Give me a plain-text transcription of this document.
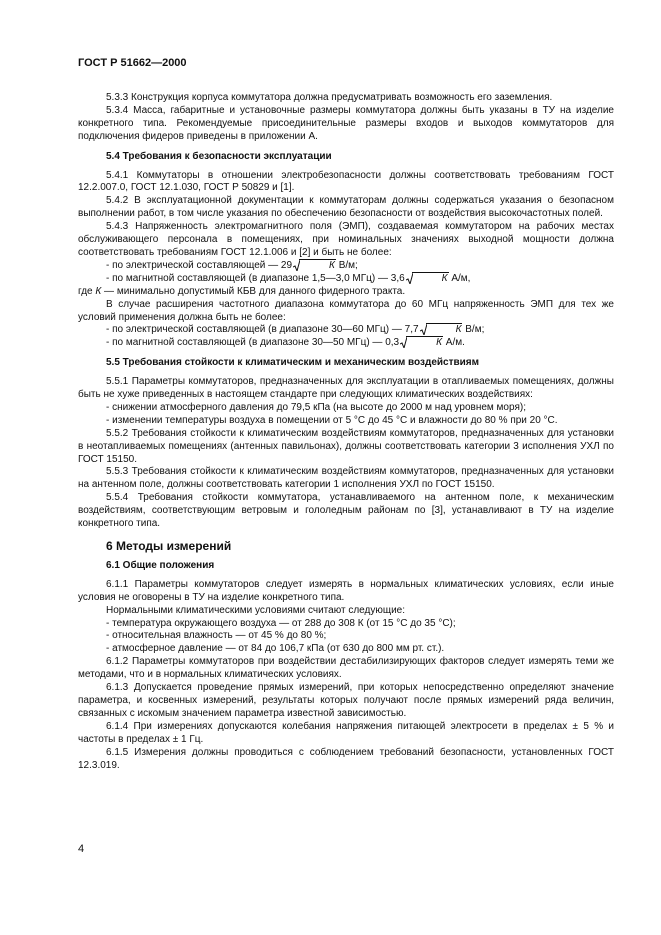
ГОСТ Р 51662—2000

5.3.3 Конструкция корпуса коммутатора должна предусматривать возможность его заземления.

5.3.4 Масса, габаритные и установочные размеры коммутатора должны быть указаны в ТУ на изделие конкретного типа. Рекомендуемые присоединительные размеры входов и выходов коммутаторов для подключения фидеров приведены в приложении А.

5.4 Требования к безопасности эксплуатации

5.4.1 Коммутаторы в отношении электробезопасности должны соответствовать требованиям ГОСТ 12.2.007.0, ГОСТ 12.1.030, ГОСТ Р 50829 и [1].

5.4.2 В эксплуатационной документации к коммутаторам должны содержаться указания о безопасном выполнении работ, в том числе указания по обеспечению безопасности от воздействия высокочастотных полей.

5.4.3 Напряженность электромагнитного поля (ЭМП), создаваемая коммутатором на рабочих местах обслуживающего персонала в помещениях, при номинальных значениях выходной мощности должна соответствовать требованиям ГОСТ 12.1.006 и [2] и быть не более:

- по электрической составляющей — 29	К В/м;

- по магнитной составляющей (в диапазоне 1,5—3,0 МГц) — 3,6	К А/м,

где К — минимально допустимый КБВ для данного фидерного тракта.

В случае расширения частотного диапазона коммутатора до 60 МГц напряженность ЭМП для тех же условий применения должна быть не более:

- по электрической составляющей (в диапазоне 30—60 МГц) — 7,7	К В/м;

- по магнитной составляющей (в диапазоне 30—50 МГц) — 0,3	К А/м.

5.5 Требования стойкости к климатическим и механическим воздействиям

5.5.1 Параметры коммутаторов, предназначенных для эксплуатации в отапливаемых помещениях, должны быть не хуже приведенных в настоящем стандарте при следующих климатических воздействиях:

- снижении атмосферного давления до 79,5 кПа (на высоте до 2000 м над уровнем моря);

- изменении температуры воздуха в помещении от 5 °С до 45 °С и влажности до 80 % при 20 °С.

5.5.2 Требования стойкости к климатическим воздействиям коммутаторов, предназначенных для установки в неотапливаемых помещениях (антенных павильонах), должны соответствовать категории 3 исполнения УХЛ по ГОСТ 15150.

5.5.3 Требования стойкости к климатическим воздействиям коммутаторов, предназначенных для установки на антенном поле, должны соответствовать категории 1 исполнения УХЛ по ГОСТ 15150.

5.5.4 Требования стойкости коммутатора, устанавливаемого на антенном поле, к механическим воздействиям, соответствующим ветровым и гололедным районам по [3], устанавливают в ТУ на изделие конкретного типа.

6 Методы измерений

6.1 Общие положения

6.1.1 Параметры коммутаторов следует измерять в нормальных климатических условиях, если иные условия не оговорены в ТУ на изделие конкретного типа.

Нормальными климатическими условиями считают следующие:

- температура окружающего воздуха — от 288 до 308 К (от 15 °С до 35 °С);

- относительная влажность — от 45 % до 80 %;

- атмосферное давление — от 84 до 106,7 кПа (от 630 до 800 мм рт. ст.).

6.1.2 Параметры коммутаторов при воздействии дестабилизирующих факторов следует измерять теми же методами, что и в нормальных климатических условиях.

6.1.3 Допускается проведение прямых измерений, при которых непосредственно определяют значение параметра, и косвенных измерений, результаты которых получают после прямых измерений ряда величин, связанных с искомым значением параметра известной зависимостью.

6.1.4 При измерениях допускаются колебания напряжения питающей электросети в пределах ± 5 % и частоты в пределах ± 1 Гц.

6.1.5 Измерения должны проводиться с соблюдением требований безопасности, установленных ГОСТ 12.3.019.

4
